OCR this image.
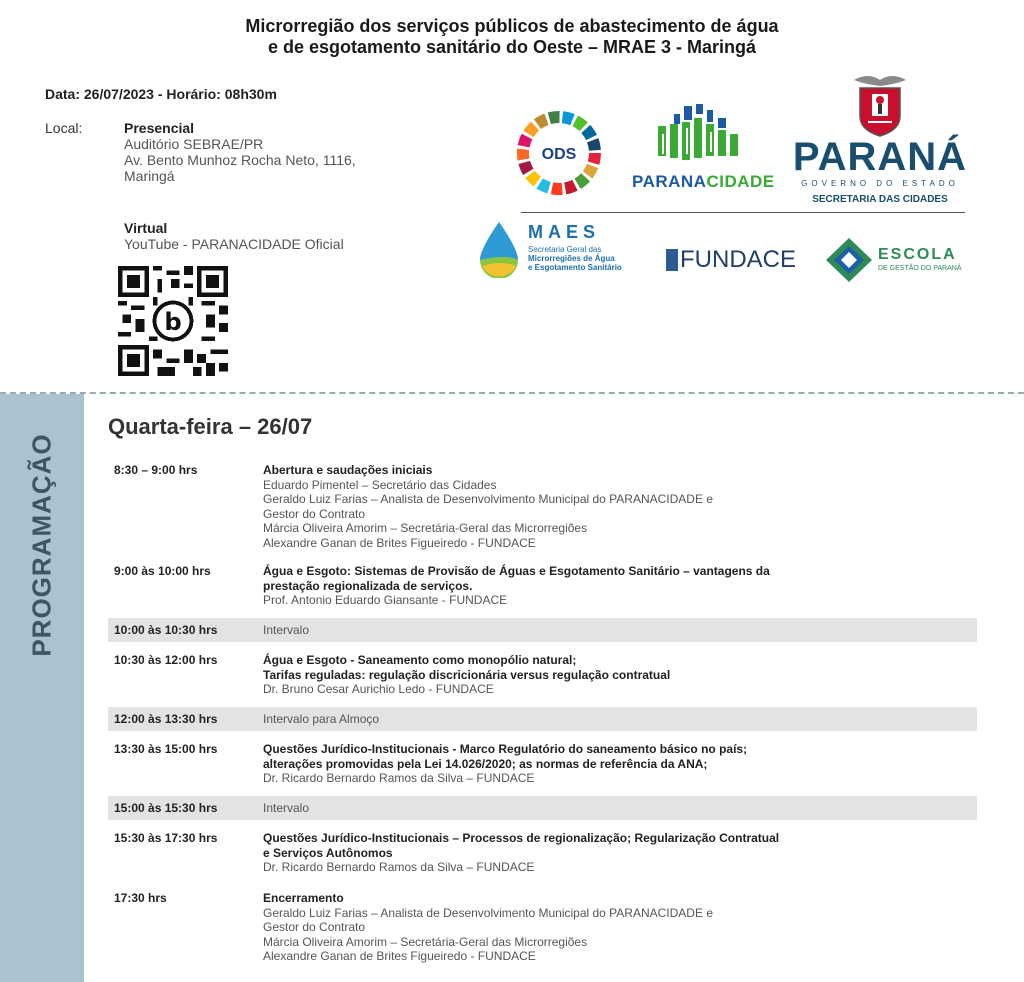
Microrregião dos serviços públicos de abastecimento de água
e de esgotamento sanitário do Oeste – MRAE 3 - Maringá
Data: 26/07/2023 - Horário: 08h30m
Local:	Presencial
Auditório SEBRAE/PR
Av. Bento Munhoz Rocha Neto, 1116,
Maringá
Virtual
YouTube - PARANACIDADE Oficial
b
ODS
PARANACIDADE
PARANÁ
GOVERNO DO ESTADO
SECRETARIA DAS CIDADES
MAES
Secretaria Geral das
Microrregiões de Água
e Esgotamento Sanitário	FUNDACE	ESCOLA
DE GESTÃO DO PARANÁ
PROGRAMAÇÃO
Quarta-feira – 26/07
8:30 – 9:00 hrs	Abertura e saudações iniciais
Eduardo Pimentel – Secretário das Cidades
Geraldo Luiz Farias – Analista de Desenvolvimento Municipal do PARANACIDADE e
Gestor do Contrato
Márcia Oliveira Amorim – Secretária-Geral das Microrregiões
Alexandre Ganan de Brites Figueiredo - FUNDACE
9:00 às 10:00 hrs	Água e Esgoto: Sistemas de Provisão de Águas e Esgotamento Sanitário – vantagens da
prestação regionalizada de serviços.
Prof. Antonio Eduardo Giansante - FUNDACE
10:00 às 10:30 hrs	Intervalo
10:30 às 12:00 hrs	Água e Esgoto - Saneamento como monopólio natural;
Tarifas reguladas: regulação discricionária versus regulação contratual
Dr. Bruno Cesar Aurichio Ledo - FUNDACE
12:00 às 13:30 hrs	Intervalo para Almoço
13:30 às 15:00 hrs	Questões Jurídico-Institucionais - Marco Regulatório do saneamento básico no país;
alterações promovidas pela Lei 14.026/2020; as normas de referência da ANA;
Dr. Ricardo Bernardo Ramos da Silva – FUNDACE
15:00 às 15:30 hrs	Intervalo
15:30 às 17:30 hrs	Questões Jurídico-Institucionais – Processos de regionalização; Regularização Contratual
e Serviços Autônomos
Dr. Ricardo Bernardo Ramos da Silva – FUNDACE
17:30 hrs	Encerramento
Geraldo Luiz Farias – Analista de Desenvolvimento Municipal do PARANACIDADE e
Gestor do Contrato
Márcia Oliveira Amorim – Secretária-Geral das Microrregiões
Alexandre Ganan de Brites Figueiredo - FUNDACE
